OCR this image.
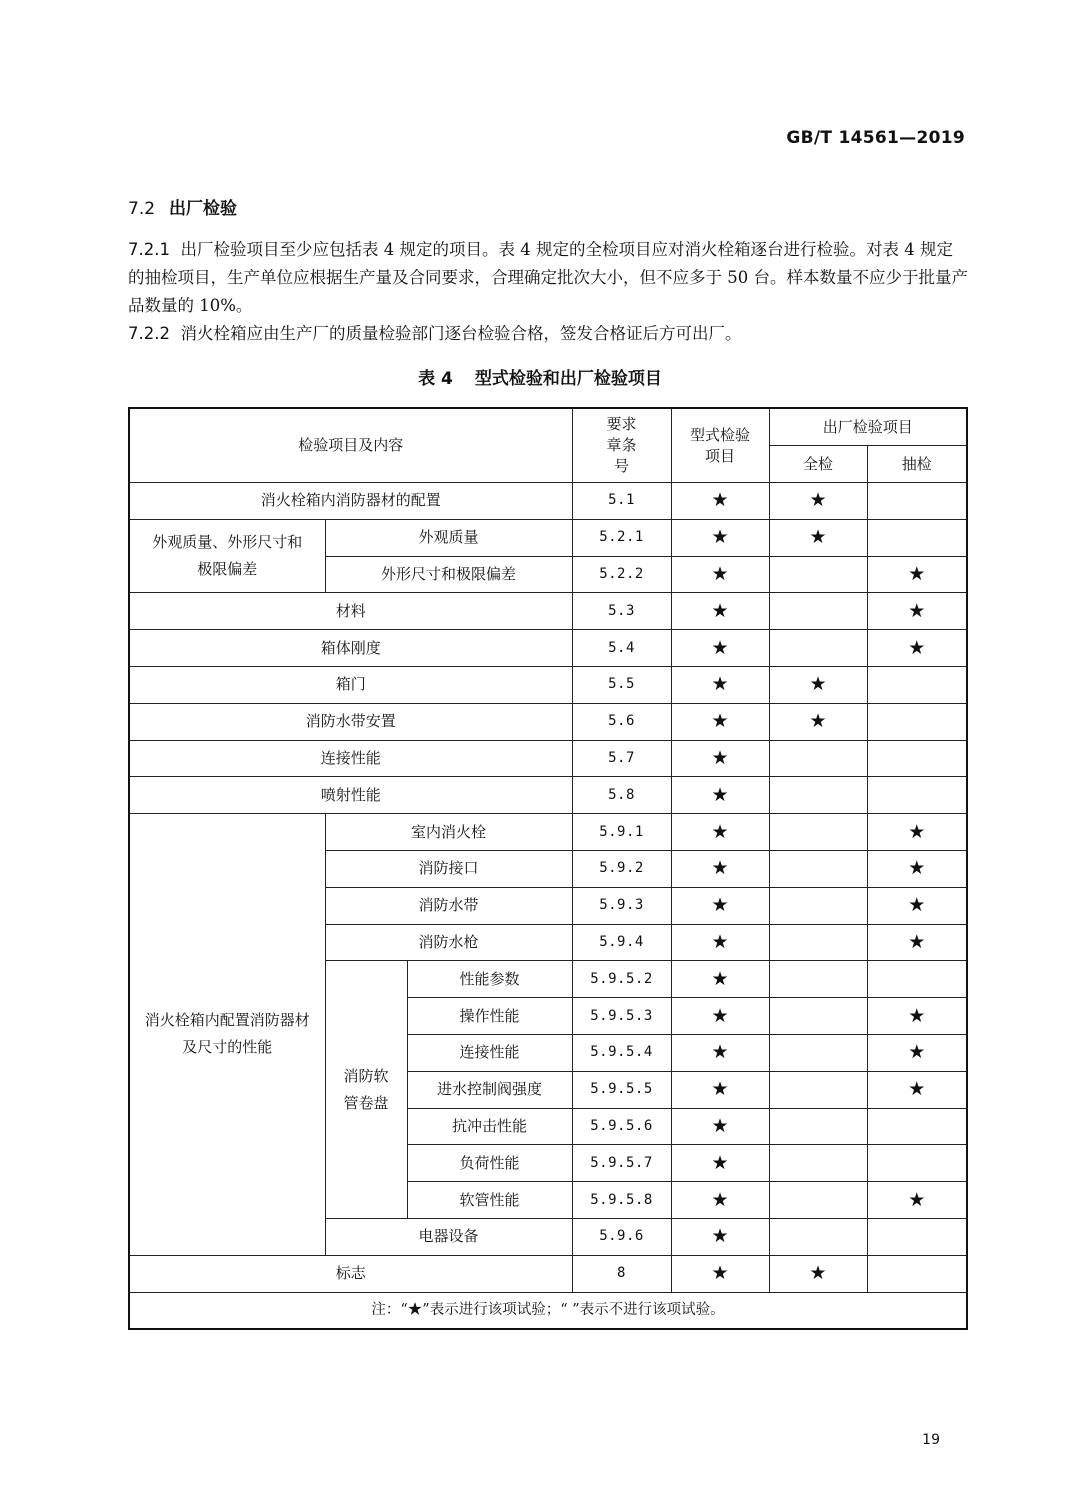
GB/T 14561—2019
7.2 出厂检验
7.2.1 出厂检验项目至少应包括表 4 规定的项目。表 4 规定的全检项目应对消火栓箱逐台进行检验。对表 4 规定的抽检项目，生产单位应根据生产量及合同要求，合理确定批次大小，但不应多于 50 台。样本数量不应少于批量产品数量的 10%。
7.2.2 消火栓箱应由生产厂的质量检验部门逐台检验合格，签发合格证后方可出厂。
表 4 型式检验和出厂检验项目
检验项目及内容			要求章条号	型式检验项目	出厂检验项目	
					全检	抽检
消火栓箱内消防器材的配置			5.1	★	★	
外观质量、外形尺寸和极限偏差	外观质量		5.2.1	★	★	
	外形尺寸和极限偏差		5.2.2	★		★
材料			5.3	★		★
箱体刚度			5.4	★		★
箱门			5.5	★	★	
消防水带安置			5.6	★	★	
连接性能			5.7	★		
喷射性能			5.8	★		
消火栓箱内配置消防器材及尺寸的性能	室内消火栓		5.9.1	★		★
	消防接口		5.9.2	★		★
	消防水带		5.9.3	★		★
	消防水枪		5.9.4	★		★
	消防软管卷盘	性能参数	5.9.5.2	★		
		操作性能	5.9.5.3	★		★
		连接性能	5.9.5.4	★		★
		进水控制阀强度	5.9.5.5	★		★
		抗冲击性能	5.9.5.6	★		
		负荷性能	5.9.5.7	★		
		软管性能	5.9.5.8	★		★
	电器设备		5.9.6	★		
标志			8	★	★	
注：“★”表示进行该项试验；“ ”表示不进行该项试验。						
19
